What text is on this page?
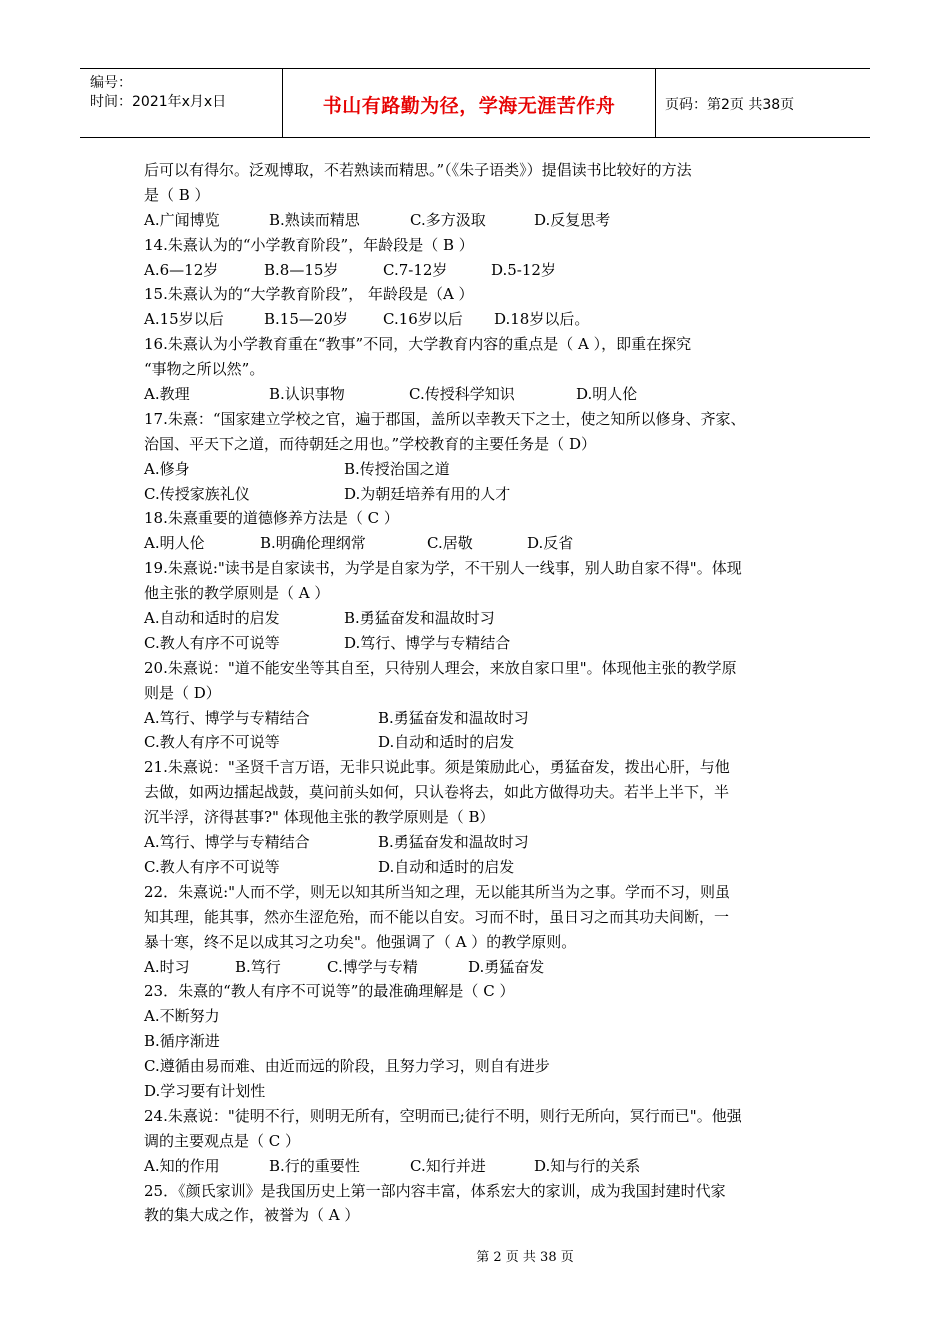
编号：
时间：2021年x月x日	书山有路勤为径，学海无涯苦作舟	页码：第2页 共38页
后可以有得尔。泛观博取，不若熟读而精思。”（《朱子语类》）提倡读书比较好的方法
是（ B ）
A.广闻博览	B.熟读而精思	C.多方汲取	D.反复思考
14.朱熹认为的“小学教育阶段”，年龄段是（ B ）
A.6—12岁	B.8—15岁	C.7-12岁	D.5-12岁
15.朱熹认为的“大学教育阶段”， 年龄段是（A ）
A.15岁以后	B.15—20岁 C.16岁以后 D.18岁以后。
16.朱熹认为小学教育重在“教事”不同，大学教育内容的重点是（ A ），即重在探究
“事物之所以然”。
A.教理	B.认识事物	C.传授科学知识	D.明人伦
17.朱熹：“国家建立学校之官，遍于郡国，盖所以幸教天下之士，使之知所以修身、齐家、
治国、平天下之道，而待朝廷之用也。”学校教育的主要任务是（ D）
A.修身	B.传授治国之道
C.传授家族礼仪	D.为朝廷培养有用的人才
18.朱熹重要的道德修养方法是（ C ）
A.明人伦	B.明确伦理纲常	C.居敬	D.反省
19.朱熹说:"读书是自家读书，为学是自家为学，不干别人一线事，别人助自家不得"。体现
他主张的教学原则是（ A ）
A.自动和适时的启发	B.勇猛奋发和温故时习
C.教人有序不可说等	D.笃行、博学与专精结合
20.朱熹说："道不能安坐等其自至，只待别人理会，来放自家口里"。体现他主张的教学原
则是（ D）
A.笃行、博学与专精结合	B.勇猛奋发和温故时习
C.教人有序不可说等	D.自动和适时的启发
21.朱熹说："圣贤千言万语，无非只说此事。须是策励此心，勇猛奋发，拨出心肝，与他
去做，如两边擂起战鼓，莫问前头如何，只认卷将去，如此方做得功夫。若半上半下，半
沉半浮，济得甚事?" 体现他主张的教学原则是（ B）
A.笃行、博学与专精结合	B.勇猛奋发和温故时习
C.教人有序不可说等	D.自动和适时的启发
22．朱熹说:"人而不学，则无以知其所当知之理，无以能其所当为之事。学而不习，则虽
知其理，能其事，然亦生涩危殆，而不能以自安。习而不时，虽日习之而其功夫间断，一
暴十寒，终不足以成其习之功矣"。他强调了（ A ）的教学原则。
A.时习	B.笃行	C.博学与专精	D.勇猛奋发
23．朱熹的“教人有序不可说等”的最准确理解是（ C ）
A.不断努力
B.循序渐进
C.遵循由易而难、由近而远的阶段，且努力学习，则自有进步
D.学习要有计划性
24.朱熹说："徒明不行，则明无所有，空明而已;徒行不明，则行无所向，冥行而已"。他强
调的主要观点是（ C ）
A.知的作用	B.行的重要性	C.知行并进	D.知与行的关系
25．《颜氏家训》是我国历史上第一部内容丰富，体系宏大的家训，成为我国封建时代家
教的集大成之作，被誉为（ A ）
第 2 页 共 38 页
